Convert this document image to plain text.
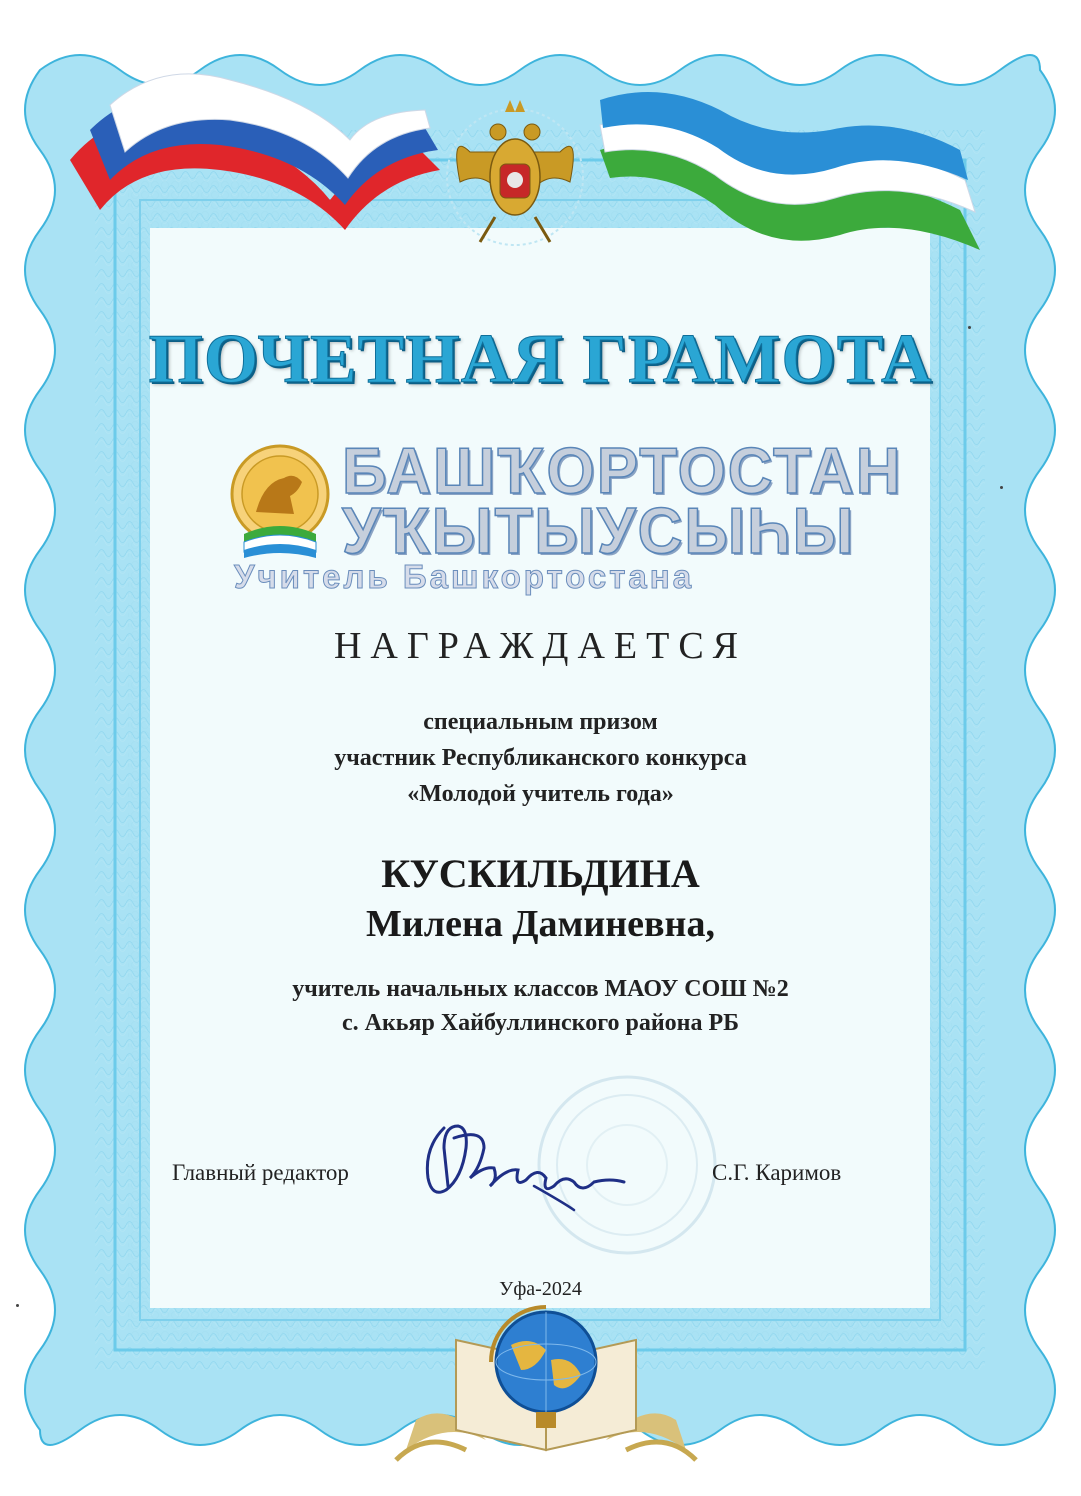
ПОЧЕТНАЯ ГРАМОТА
БАШҠОРТОСТАН
УҠЫТЫУСЫҺЫ
Учитель Башкортостана
НАГРАЖДАЕТСЯ
специальным призом
участник Республиканского конкурса
«Молодой учитель года»
КУСКИЛЬДИНА
Милена Даминевна,
учитель начальных классов МАОУ СОШ №2
с. Акьяр Хайбуллинского района РБ
Главный редактор	С.Г. Каримов
Уфа-2024
